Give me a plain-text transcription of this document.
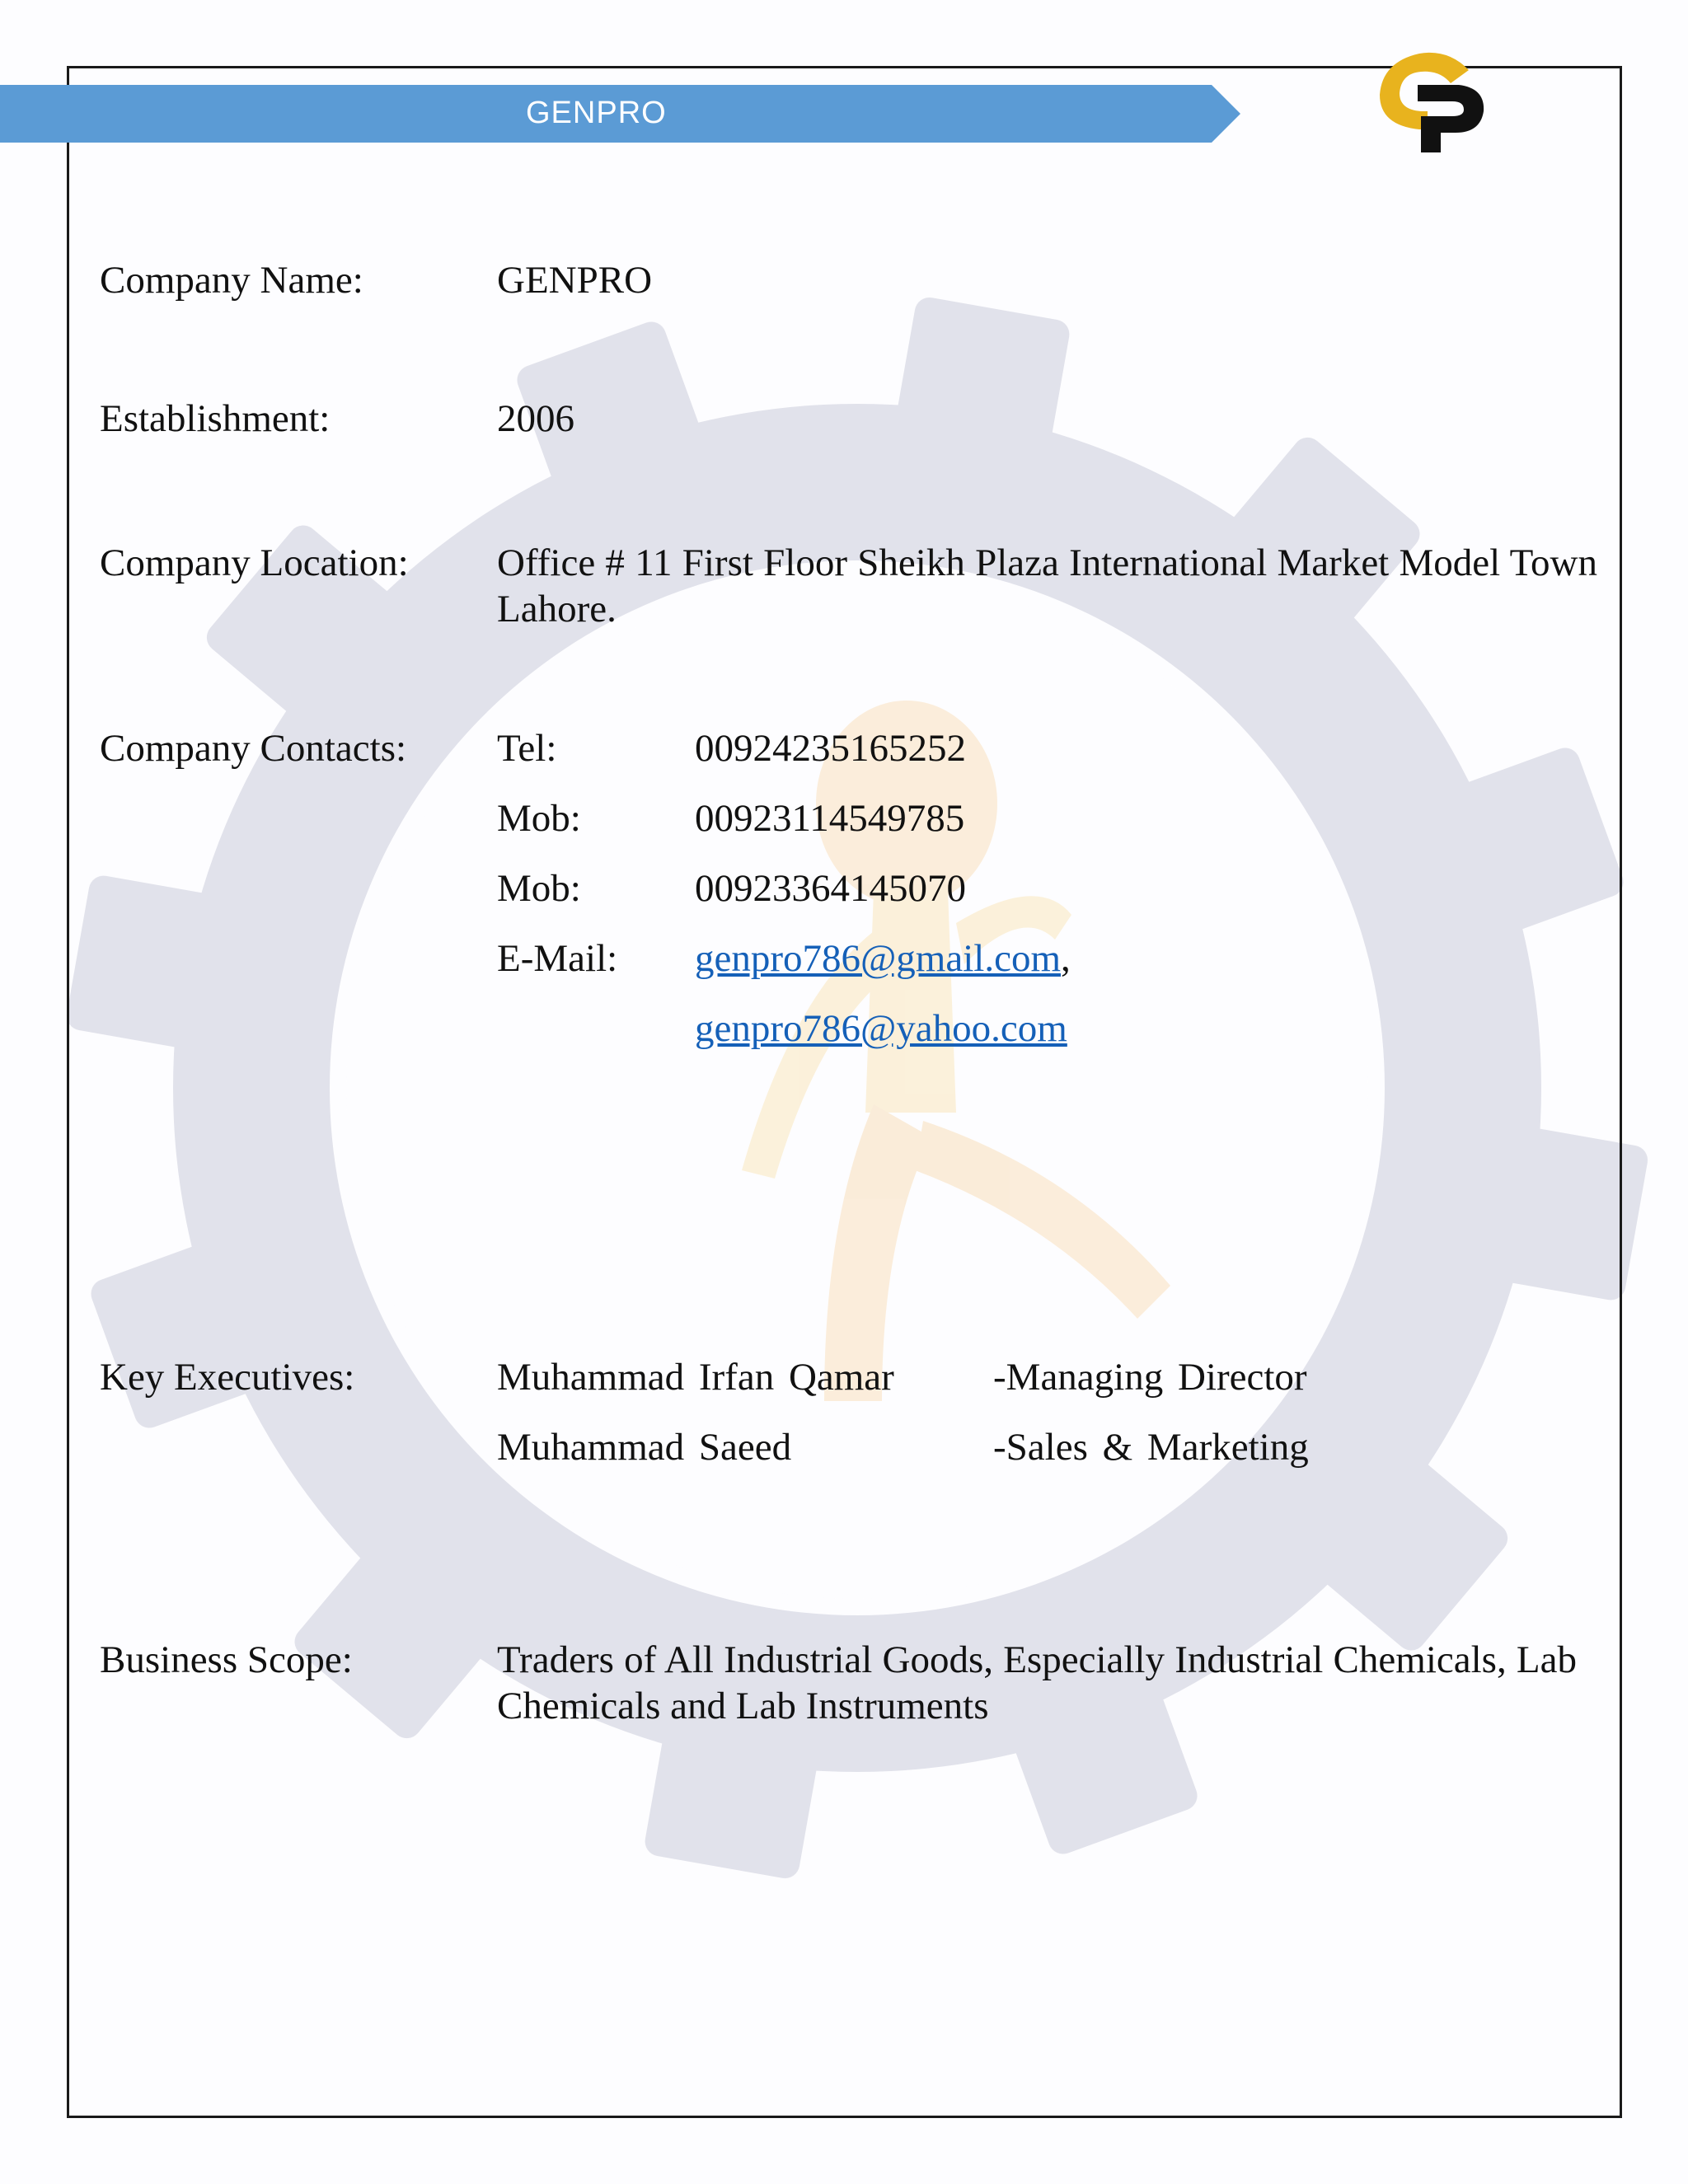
GENPRO
Company Name:	GENPRO
Establishment:	2006
Company Location: Office # 11 First Floor Sheikh Plaza International Market Model Town Lahore.
Company Contacts: Tel:	00924235165252
Mob:	00923114549785
Mob:	00923364145070
E-Mail: genpro786@gmail.com,
genpro786@yahoo.com
Key Executives:	Muhammad Irfan Qamar	-Managing Director
Muhammad Saeed	-Sales & Marketing
Business Scope:	Traders of All Industrial Goods, Especially Industrial Chemicals, Lab Chemicals and Lab Instruments
